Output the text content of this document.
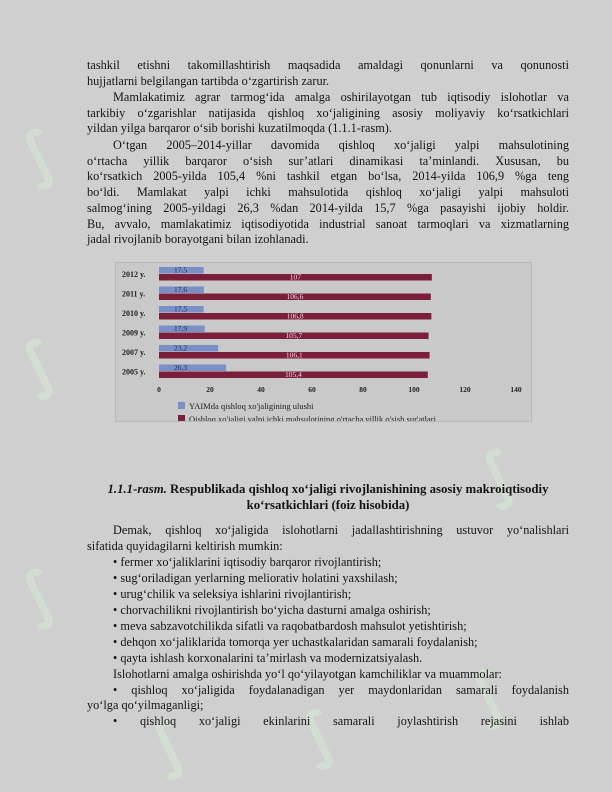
∫
∫
∫
∫ ∫
∫
∫
tashkil etishni takomillashtirish maqsadida amaldagi qonunlarni va qonunosti
hujjatlarni belgilangan tartibda o‘zgartirish zarur.
Mamlakatimiz agrar tarmog‘ida amalga oshirilayotgan tub iqtisodiy islohotlar va
tarkibiy o‘zgarishlar natijasida qishloq xo‘jaligining asosiy moliyaviy ko‘rsatkichlari
yildan yilga barqaror o‘sib borishi kuzatilmoqda (1.1.1-rasm).
O‘tgan 2005–2014-yillar davomida qishloq xo‘jaligi yalpi mahsulotining
o‘rtacha yillik barqaror o‘sish sur’atlari dinamikasi ta’minlandi. Xususan, bu
ko‘rsatkich 2005-yilda 105,4 %ni tashkil etgan bo‘lsa, 2014-yilda 106,9 %ga teng
bo‘ldi. Mamlakat yalpi ichki mahsulotida qishloq xo‘jaligi yalpi mahsuloti
salmog‘ining 2005-yildagi 26,3 %dan 2014-yilda 15,7 %ga pasayishi ijobiy holdir.
Bu, avvalo, mamlakatimiz iqtisodiyotida industrial sanoat tarmoqlari va xizmatlarning
jadal rivojlanib borayotgani bilan izohlanadi.
2012 y.	17,5
107
2011 y.	17,6
106,6
2010 y.	17,5
106,8
2009 y.	17,9
105,7
2007 y.	23,2
106,1
2005 y.	26,3
105,4
0	20	40	60	80	100	120	140
YAIMda qishloq xo'jaligining ulushi
Qishloq xo'jaligi yalpi ichki mahsulotining o'rtacha yillik o'sish sur'atlari
1.1.1-rasm. Respublikada qishloq xo‘jaligi rivojlanishining asosiy makroiqtisodiy
ko‘rsatkichlari (foiz hisobida)
Demak, qishloq xo‘jaligida islohotlarni jadallashtirishning ustuvor yo‘nalishlari
sifatida quyidagilarni keltirish mumkin:
• fermer xo‘jaliklarini iqtisodiy barqaror rivojlantirish;
• sug‘oriladigan yerlarning meliorativ holatini yaxshilash;
• urug‘chilik va seleksiya ishlarini rivojlantirish;
• chorvachilikni rivojlantirish bo‘yicha dasturni amalga oshirish;
• meva sabzavotchilikda sifatli va raqobatbardosh mahsulot yetishtirish;
• dehqon xo‘jaliklarida tomorqa yer uchastkalaridan samarali foydalanish;
• qayta ishlash korxonalarini ta’mirlash va modernizatsiyalash.
Islohotlarni amalga oshirishda yo‘l qo‘yilayotgan kamchiliklar va muammolar:
• qishloq xo‘jaligida foydalanadigan yer maydonlaridan samarali foydalanish
yo‘lga qo‘yilmaganligi;
• qishloq xo‘jaligi ekinlarini samarali joylashtirish rejasini ishlab
